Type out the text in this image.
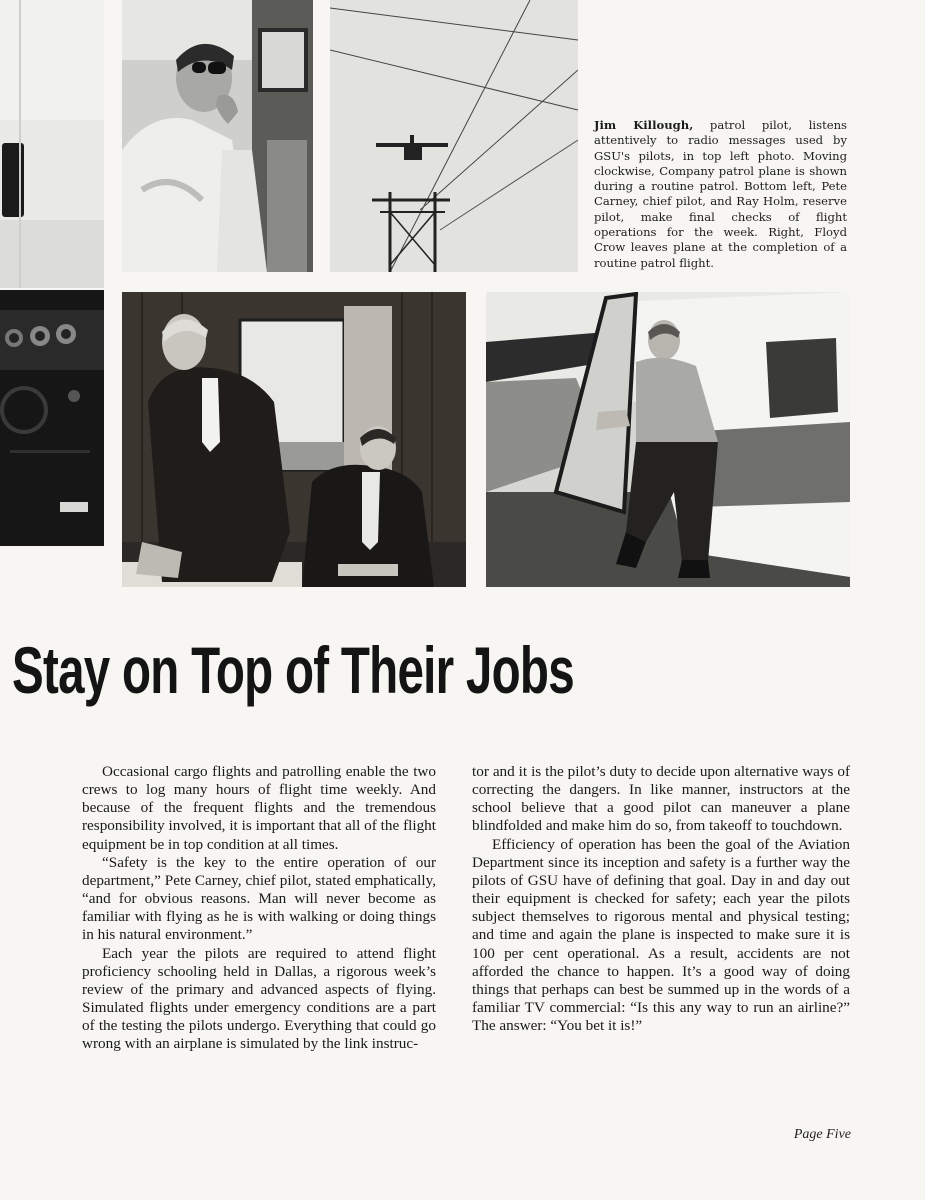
Jim Killough, patrol pilot, listens attentively to radio messages used by GSU's pilots, in top left photo. Moving clockwise, Company patrol plane is shown during a routine patrol. Bottom left, Pete Carney, chief pilot, and Ray Holm, reserve pilot, make final checks of flight operations for the week. Right, Floyd Crow leaves plane at the completion of a routine patrol flight.
Stay on Top of Their Jobs

Occasional cargo flights and patrolling enable the two crews to log many hours of flight time weekly. And because of the frequent flights and the tremendous responsibility involved, it is important that all of the flight equipment be in top condition at all times.

“Safety is the key to the entire operation of our department,” Pete Carney, chief pilot, stated emphatically, “and for obvious reasons. Man will never become as familiar with flying as he is with walking or doing things in his natural environment.”

Each year the pilots are required to attend flight proficiency schooling held in Dallas, a rigorous week’s review of the primary and advanced aspects of flying. Simulated flights under emergency conditions are a part of the testing the pilots undergo. Everything that could go wrong with an airplane is simulated by the link instruc-

tor and it is the pilot’s duty to decide upon alternative ways of correcting the dangers. In like manner, instructors at the school believe that a good pilot can maneuver a plane blindfolded and make him do so, from takeoff to touchdown.

Efficiency of operation has been the goal of the Aviation Department since its inception and safety is a further way the pilots of GSU have of defining that goal. Day in and day out their equipment is checked for safety; each year the pilots subject themselves to rigorous mental and physical testing; and time and again the plane is inspected to make sure it is 100 per cent operational. As a result, accidents are not afforded the chance to happen. It’s a good way of doing things that perhaps can best be summed up in the words of a familiar TV commercial: “Is this any way to run an airline?” The answer: “You bet it is!”

Page Five
